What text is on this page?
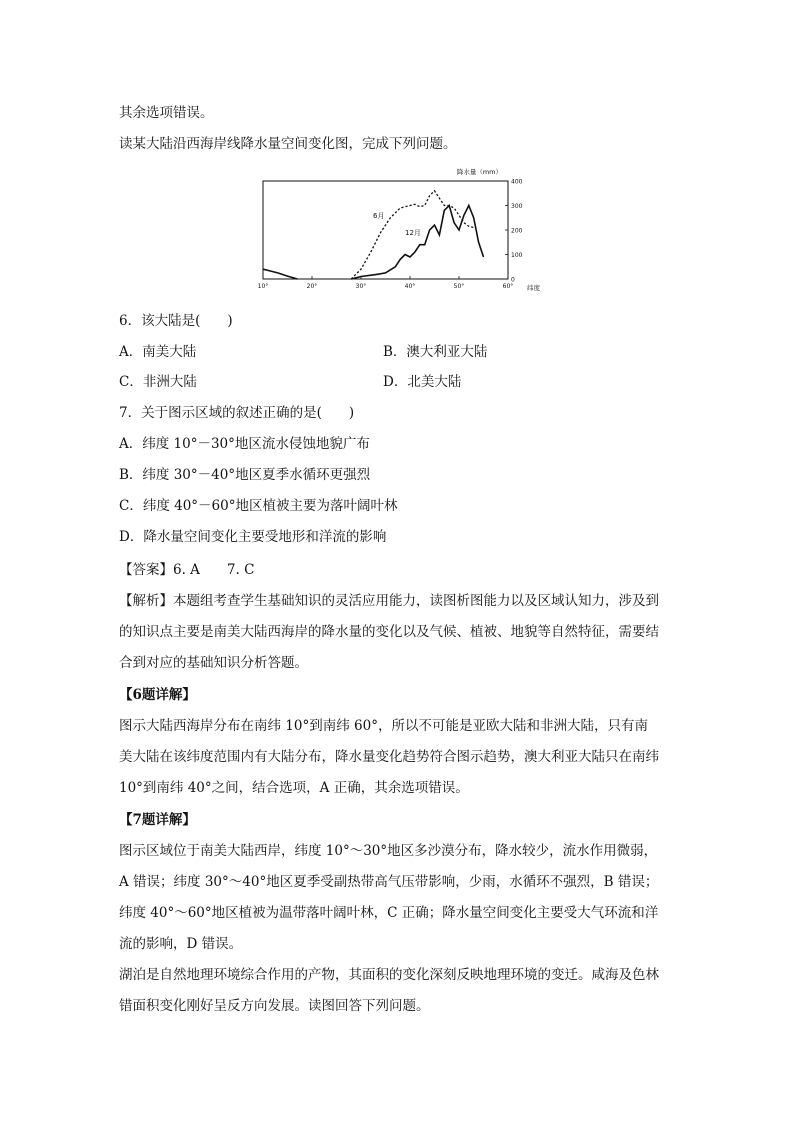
其余选项错误。
读某大陆沿西海岸线降水量空间变化图，完成下列问题。
降水量（mm）
0
100
200
300
400
10°	20°	30°	40°	50°	60° 纬度
6月
12月
6．该大陆是(　　)
A．南美大陆	B．澳大利亚大陆
C．非洲大陆	D．北美大陆
7．关于图示区域的叙述正确的是(　　)
A．纬度 10°－30°地区流水侵蚀地貌广布
B．纬度 30°－40°地区夏季水循环更强烈
C．纬度 40°－60°地区植被主要为落叶阔叶林
D．降水量空间变化主要受地形和洋流的影响
【答案】6. A　　7. C
【解析】本题组考查学生基础知识的灵活应用能力，读图析图能力以及区域认知力，涉及到
的知识点主要是南美大陆西海岸的降水量的变化以及气候、植被、地貌等自然特征，需要结
合到对应的基础知识分析答题。
【6题详解】
图示大陆西海岸分布在南纬 10°到南纬 60°，所以不可能是亚欧大陆和非洲大陆，只有南
美大陆在该纬度范围内有大陆分布，降水量变化趋势符合图示趋势，澳大利亚大陆只在南纬
10°到南纬 40°之间，结合选项，A 正确，其余选项错误。
【7题详解】
图示区域位于南美大陆西岸，纬度 10°～30°地区多沙漠分布，降水较少，流水作用微弱，
A 错误；纬度 30°～40°地区夏季受副热带高气压带影响，少雨，水循环不强烈，B 错误；
纬度 40°～60°地区植被为温带落叶阔叶林，C 正确；降水量空间变化主要受大气环流和洋
流的影响，D 错误。
湖泊是自然地理环境综合作用的产物，其面积的变化深刻反映地理环境的变迁。咸海及色林
错面积变化刚好呈反方向发展。读图回答下列问题。
